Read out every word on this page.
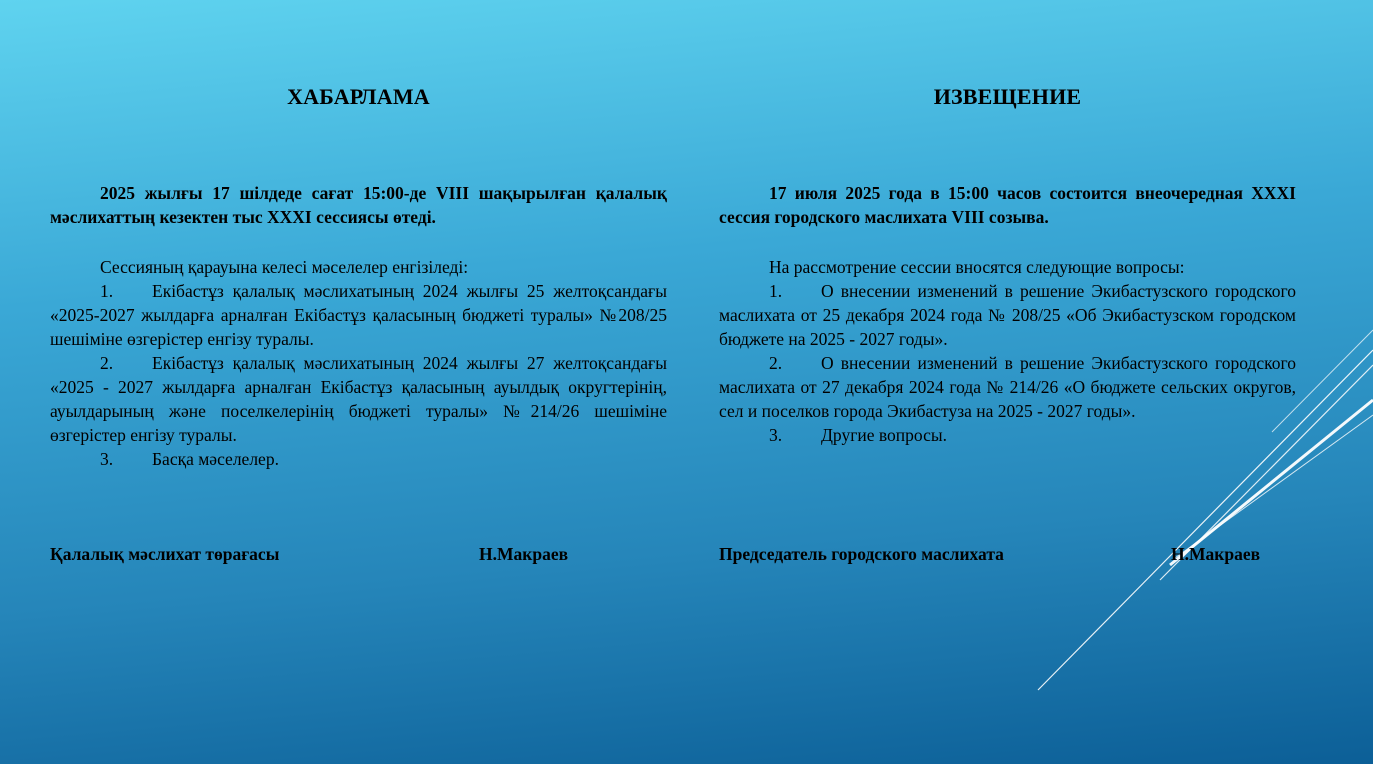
ХАБАРЛАМА

2025 жылғы 17 шілдеде сағат 15:00-де VIII шақырылған қалалық мәслихаттың кезектен тыс XXXI сессиясы өтеді.

Сессияның қарауына келесі мәселелер енгізіледі:

1. Екібастұз қалалық мәслихатының 2024 жылғы 25 желтоқсандағы «2025-2027 жылдарға арналған Екібастұз қаласының бюджеті туралы» №208/25 шешіміне өзгерістер енгізу туралы.
2. Екібастұз қалалық мәслихатының 2024 жылғы 27 желтоқсандағы «2025 - 2027 жылдарға арналған Екібастұз қаласының ауылдық округтерінің, ауылдарының және поселкелерінің бюджеті туралы» №214/26 шешіміне өзгерістер енгізу туралы.
3. Басқа мәселелер.
Қалалық мәслихат төрағасы	Н.Макраев
ИЗВЕЩЕНИЕ

17 июля 2025 года в 15:00 часов состоится внеочередная XXXI сессия городского маслихата VIII созыва.

На рассмотрение сессии вносятся следующие вопросы:

1. О внесении изменений в решение Экибастузского городского маслихата от 25 декабря 2024 года № 208/25 «Об Экибастузском городском бюджете на 2025 - 2027 годы».
2. О внесении изменений в решение Экибастузского городского маслихата от 27 декабря 2024 года № 214/26 «О бюджете сельских округов, сел и поселков города Экибастуза на 2025 - 2027 годы».
3. Другие вопросы.
Председатель городского маслихата	Н.Макраев
